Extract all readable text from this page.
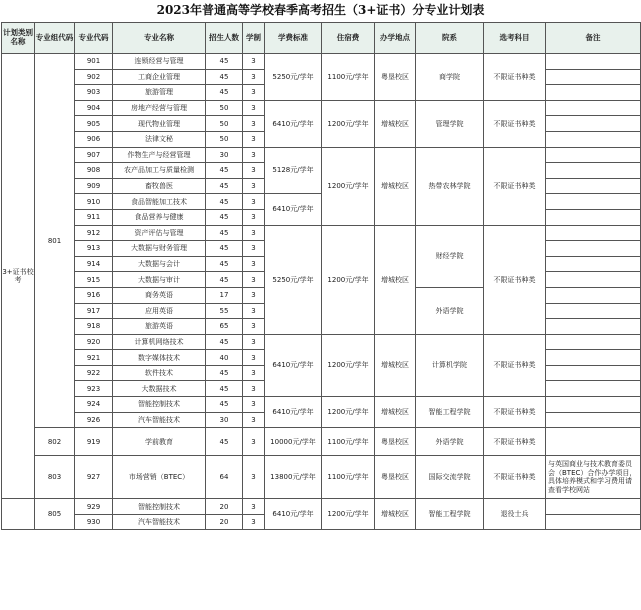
2023年普通高等学校春季高考招生（3+证书）分专业计划表
计划类别名称	专业组代码	专业代码	专业名称	招生人数	学制	学费标准	住宿费	办学地点	院系	选考科目	备注
3+证书校考	801	901	连锁经营与管理	45	3	5250元/学年	1100元/学年	粤垦校区	商学院	不限证书种类	
		902	工商企业管理	45	3						
		903	旅游管理	45	3						
		904	房地产经营与管理	50	3	6410元/学年	1200元/学年	增城校区	管理学院	不限证书种类	
		905	现代物业管理	50	3						
		906	法律文秘	50	3						
		907	作物生产与经营管理	30	3	5128元/学年	1200元/学年	增城校区	热带农林学院	不限证书种类	
		908	农产品加工与质量检测	45	3						
		909	畜牧兽医	45	3						
		910	食品智能加工技术	45	3	6410元/学年					
		911	食品营养与健康	45	3						
		912	资产评估与管理	45	3	5250元/学年	1200元/学年	增城校区	财经学院	不限证书种类	
		913	大数据与财务管理	45	3						
		914	大数据与会计	45	3						
		915	大数据与审计	45	3						
		916	商务英语	17	3				外语学院		
		917	应用英语	55	3						
		918	旅游英语	65	3						
		920	计算机网络技术	45	3	6410元/学年	1200元/学年	增城校区	计算机学院	不限证书种类	
		921	数字媒体技术	40	3						
		922	软件技术	45	3						
		923	大数据技术	45	3						
		924	智能控制技术	45	3	6410元/学年	1200元/学年	增城校区	智能工程学院	不限证书种类	
		926	汽车智能技术	30	3						
	802	919	学前教育	45	3	10000元/学年	1100元/学年	粤垦校区	外语学院	不限证书种类	
	803	927	市场营销（BTEC）	64	3	13800元/学年	1100元/学年	粤垦校区	国际交流学院	不限证书种类	与英国商业与技术教育委员会（BTEC）合作办学项目，具体培养模式和学习费用请查看学校网站
	805	929	智能控制技术	20	3	6410元/学年	1200元/学年	增城校区	智能工程学院	退役士兵	
		930	汽车智能技术	20	3						
